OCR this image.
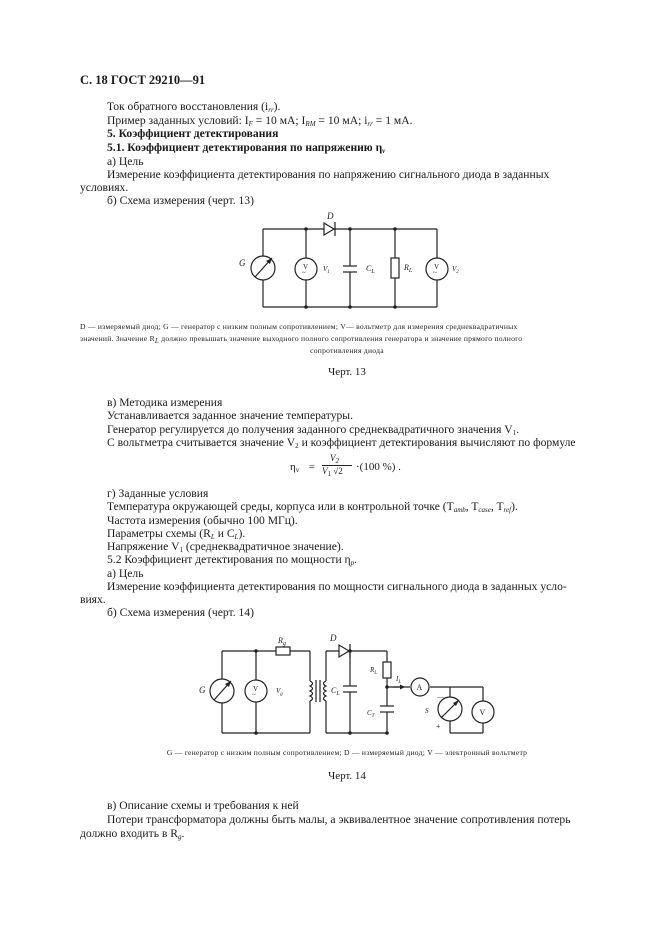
С. 18 ГОСТ 29210—91
Ток обратного восстановления $(i_{rr})$.
Пример заданных условий: $I_F = 10$ мА; $I_{RM} = 10$ мА; $i_{rr} = 1$ мА.
5. Коэффициент детектирования
5.1. Коэффициент детектирования по напряжению $\eta_v$
а) Цель
Измерение коэффициента детектирования по напряжению сигнального диода в заданных
условиях.
б) Схема измерения (черт. 13)
D
G	V
~ $V_1$	$C_L$	$R_L$	V
~ $V_2$
D — измеряемый диод; G — генератор с низким полным сопротивлением; V— вольтметр для измерения среднеквадратичных
значений. Значение $R_L$ должно превышать значение выходного полного сопротивления генератора и значение прямого полного
сопротивления диода
Черт. 13
в) Методика измерения
Устанавливается заданное значение температуры.
Генератор регулируется до получения заданного среднеквадратичного значения $V_1$.
С вольтметра считывается значение $V_2$ и коэффициент детектирования вычисляют по формуле
$\eta_v$ =
$V_2$
$V_1$ √2 ·(100 %) .
г) Заданные условия
Температура окружающей среды, корпуса или в контрольной точке ($T_{amb}$, $T_{case}$, $T_{ref}$).
Частота измерения (обычно 100 МГц).
Параметры схемы ($R_L$ и $C_L$).
Напряжение $V_1$ (среднеквадратичное значение).
5.2 Коэффициент детектирования по мощности $\eta_p$.
а) Цель
Измерение коэффициента детектирования по мощности сигнального диода в заданных усло-
виях.
б) Схема измерения (черт. 14)
$R_g$
G	V
~	$V_g$
D
$C_L$
$R_L$
$I_L$
$C_T$
A
S
—
+
V
G — генератор с низким полным сопротивлением; D — измеряемый диод; V — электронный вольтметр
Черт. 14
в) Описание схемы и требования к ней
Потери трансформатора должны быть малы, а эквивалентное значение сопротивления потерь
должно входить в $R_g$.
